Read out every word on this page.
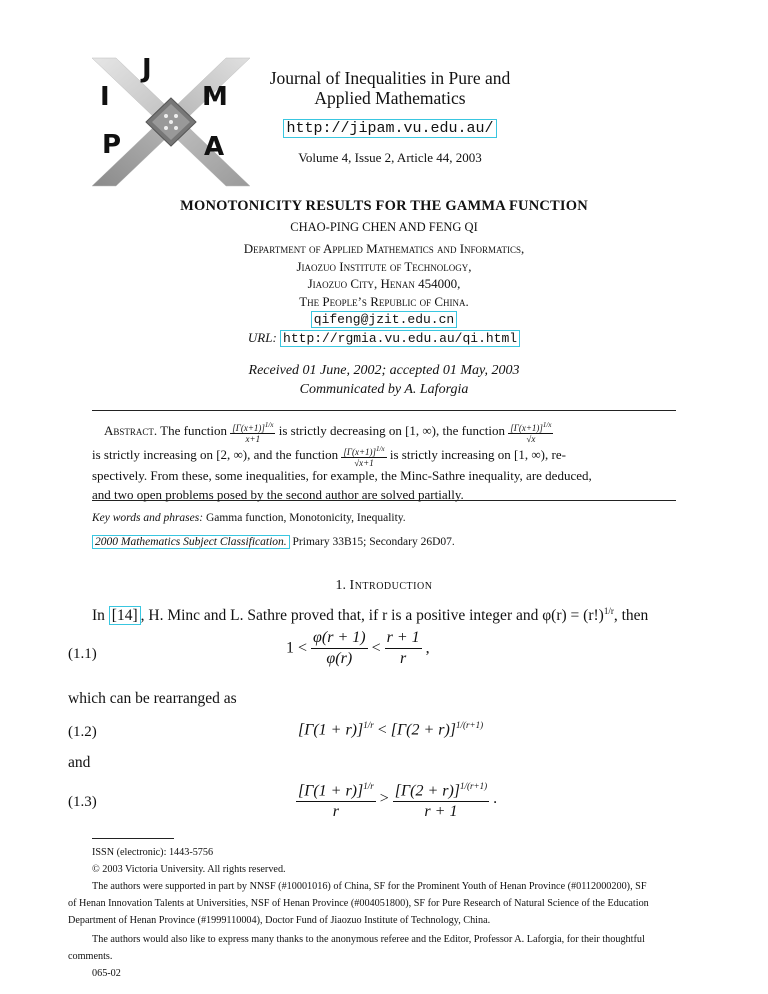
J
I	M
P	A
Journal of Inequalities in Pure and
Applied Mathematics
http://jipam.vu.edu.au/
Volume 4, Issue 2, Article 44, 2003
MONOTONICITY RESULTS FOR THE GAMMA FUNCTION
CHAO-PING CHEN AND FENG QI
Department of Applied Mathematics and Informatics,
Jiaozuo Institute of Technology,
Jiaozuo City, Henan 454000,
The People’s Republic of China.
qifeng@jzit.edu.cn
URL: http://rgmia.vu.edu.au/qi.html
Received 01 June, 2002; accepted 01 May, 2003
Communicated by A. Laforgia
Abstract. The function $\frac{[\Gamma(x+1)]^{1/x}}{x+1}$ is strictly decreasing on [1, ∞), the function $\frac{[\Gamma(x+1)]^{1/x}}{√x}$
is strictly increasing on [2, ∞), and the function $\frac{[\Gamma(x+1)]^{1/x}}{√x+1}$ is strictly increasing on [1, ∞), re-
spectively. From these, some inequalities, for example, the Minc-Sathre inequality, are deduced,
and two open problems posed by the second author are solved partially.
Key words and phrases: Gamma function, Monotonicity, Inequality.
2000 Mathematics Subject Classification. Primary 33B15; Secondary 26D07.
1. Introduction
In [14] , H. Minc and L. Sathre proved that, if r is a positive integer and $\varphi(r) = (r!)^{1/r}$, then
(1.1)	$1 < \frac{\varphi(r + 1)}{\varphi(r)} < \frac{r + 1}{r}$ ,
which can be rearranged as
(1.2)	$[\Gamma(1 + r)]^{1/r} < [\Gamma(2 + r)]^{1/(r+1)}$
and
(1.3)	$\frac{[\Gamma(1 + r)]^{1/r}}{r} > \frac{[\Gamma(2 + r)]^{1/(r+1)}}{r + 1}$ .
ISSN (electronic): 1443-5756
© 2003 Victoria University. All rights reserved.
The authors were supported in part by NNSF (#10001016) of China, SF for the Prominent Youth of Henan Province (#0112000200), SF
of Henan Innovation Talents at Universities, NSF of Henan Province (#004051800), SF for Pure Research of Natural Science of the Education
Department of Henan Province (#1999110004), Doctor Fund of Jiaozuo Institute of Technology, China.
The authors would also like to express many thanks to the anonymous referee and the Editor, Professor A. Laforgia, for their thoughtful
comments.
065-02
